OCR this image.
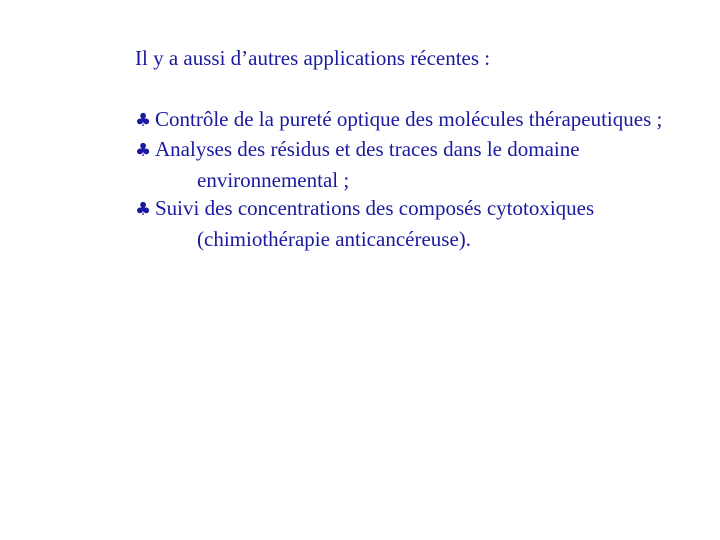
Il y a aussi d’autres applications récentes :

♣ Contrôle de la pureté optique des molécules thérapeutiques ;
♣ Analyses des résidus et des traces dans le domaine environnemental ;
♣ Suivi des concentrations des composés cytotoxiques (chimiothérapie anticancéreuse).
